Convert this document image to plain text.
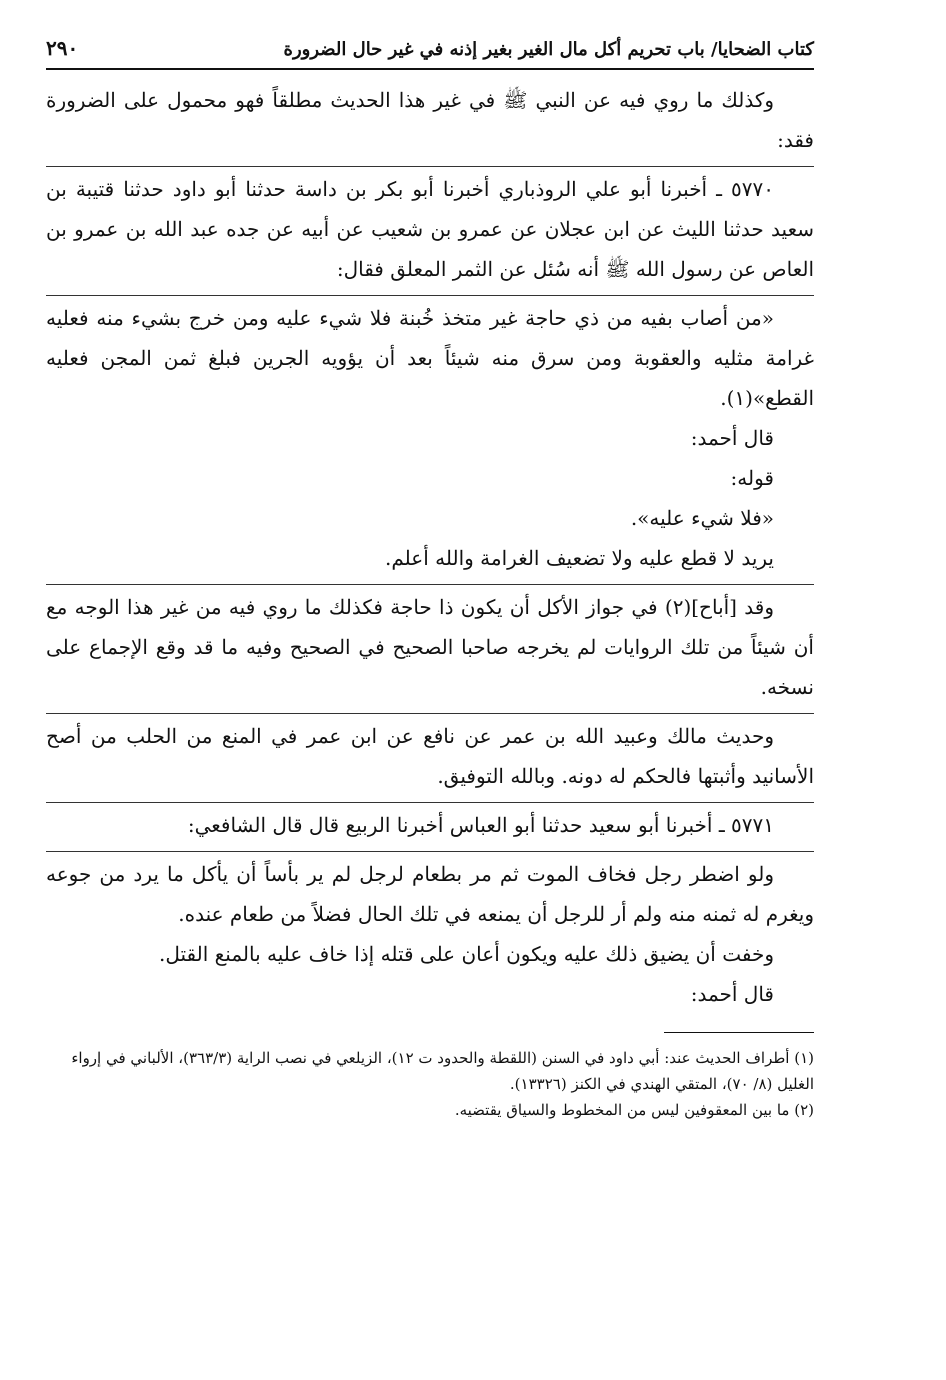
كتاب الضحايا/ باب تحريم أكل مال الغير بغير إذنه في غير حال الضرورة
٢٩٠

وكذلك ما روي فيه عن النبي ﷺ في غير هذا الحديث مطلقاً فهو محمول على الضرورة فقد:

٥٧٧٠ ـ أخبرنا أبو علي الروذباري أخبرنا أبو بكر بن داسة حدثنا أبو داود حدثنا قتيبة بن سعيد حدثنا الليث عن ابن عجلان عن عمرو بن شعيب عن أبيه عن جده عبد الله بن عمرو بن العاص عن رسول الله ﷺ أنه سُئل عن الثمر المعلق فقال:

«من أصاب بفيه من ذي حاجة غير متخذ خُبنة فلا شيء عليه ومن خرج بشيء منه فعليه غرامة مثليه والعقوبة ومن سرق منه شيئاً بعد أن يؤويه الجرين فبلغ ثمن المجن فعليه القطع»(١).

قال أحمد:

قوله:

«فلا شيء عليه».

يريد لا قطع عليه ولا تضعيف الغرامة والله أعلم.

وقد [أباح](٢) في جواز الأكل أن يكون ذا حاجة فكذلك ما روي فيه من غير هذا الوجه مع أن شيئاً من تلك الروايات لم يخرجه صاحبا الصحيح في الصحيح وفيه ما قد وقع الإجماع على نسخه.

وحديث مالك وعبيد الله بن عمر عن نافع عن ابن عمر في المنع من الحلب من أصح الأسانيد وأثبتها فالحكم له دونه. وبالله التوفيق.

٥٧٧١ ـ أخبرنا أبو سعيد حدثنا أبو العباس أخبرنا الربيع قال قال الشافعي:

ولو اضطر رجل فخاف الموت ثم مر بطعام لرجل لم ير بأساً أن يأكل ما يرد من جوعه ويغرم له ثمنه منه ولم أر للرجل أن يمنعه في تلك الحال فضلاً من طعام عنده.

وخفت أن يضيق ذلك عليه ويكون أعان على قتله إذا خاف عليه بالمنع القتل.

قال أحمد:

(١) أطراف الحديث عند: أبي داود في السنن (اللقطة والحدود ت ١٢)، الزيلعي في نصب الراية (٣٦٣/٣)، الألباني في إرواء الغليل (٨/ ٧٠)، المتقي الهندي في الكنز (١٣٣٢٦).

(٢) ما بين المعقوفين ليس من المخطوط والسياق يقتضيه.
